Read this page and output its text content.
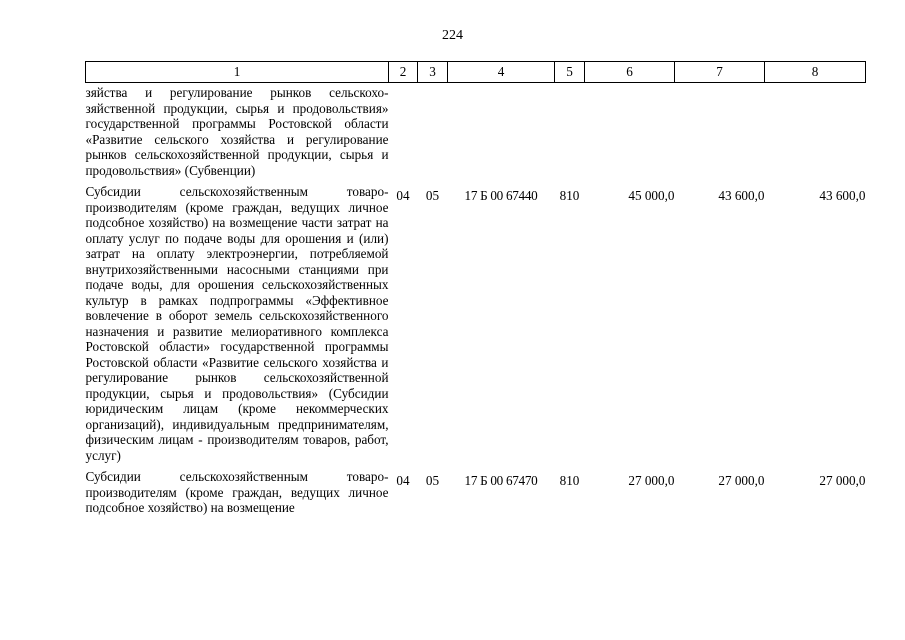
224
1	2	3	4	5	6	7	8
зяйства и регулирование рынков сельскохозяйственной продукции, сырья и продовольствия» государственной программы Ростовской области «Развитие сельского хозяйства и регулирование рынков сельскохозяйственной продукции, сырья и продовольствия» (Субвенции)							
Субсидии сельскохозяйственным товаропроизводителям (кроме граждан, ведущих личное подсобное хозяйство) на возмещение части затрат на оплату услуг по подаче воды для орошения и (или) затрат на оплату электроэнергии, потребляемой внутрихозяйственными насосными станциями при подаче воды, для орошения сельскохозяйственных культур в рамках подпрограммы «Эффективное вовлечение в оборот земель сельскохозяйственного назначения и развитие мелиоративного комплекса Ростовской области» государственной программы Ростовской области «Развитие сельского хозяйства и регулирование рынков сельскохозяйственной продукции, сырья и продовольствия» (Субсидии юридическим лицам (кроме некоммерческих организаций), индивидуальным предпринимателям, физическим лицам - производителям товаров, работ, услуг)	04	05	17 Б 00 67440	810	45 000,0	43 600,0	43 600,0
Субсидии сельскохозяйственным товаропроизводителям (кроме граждан, ведущих личное подсобное хозяйство) на возмещение	04	05	17 Б 00 67470	810	27 000,0	27 000,0	27 000,0
